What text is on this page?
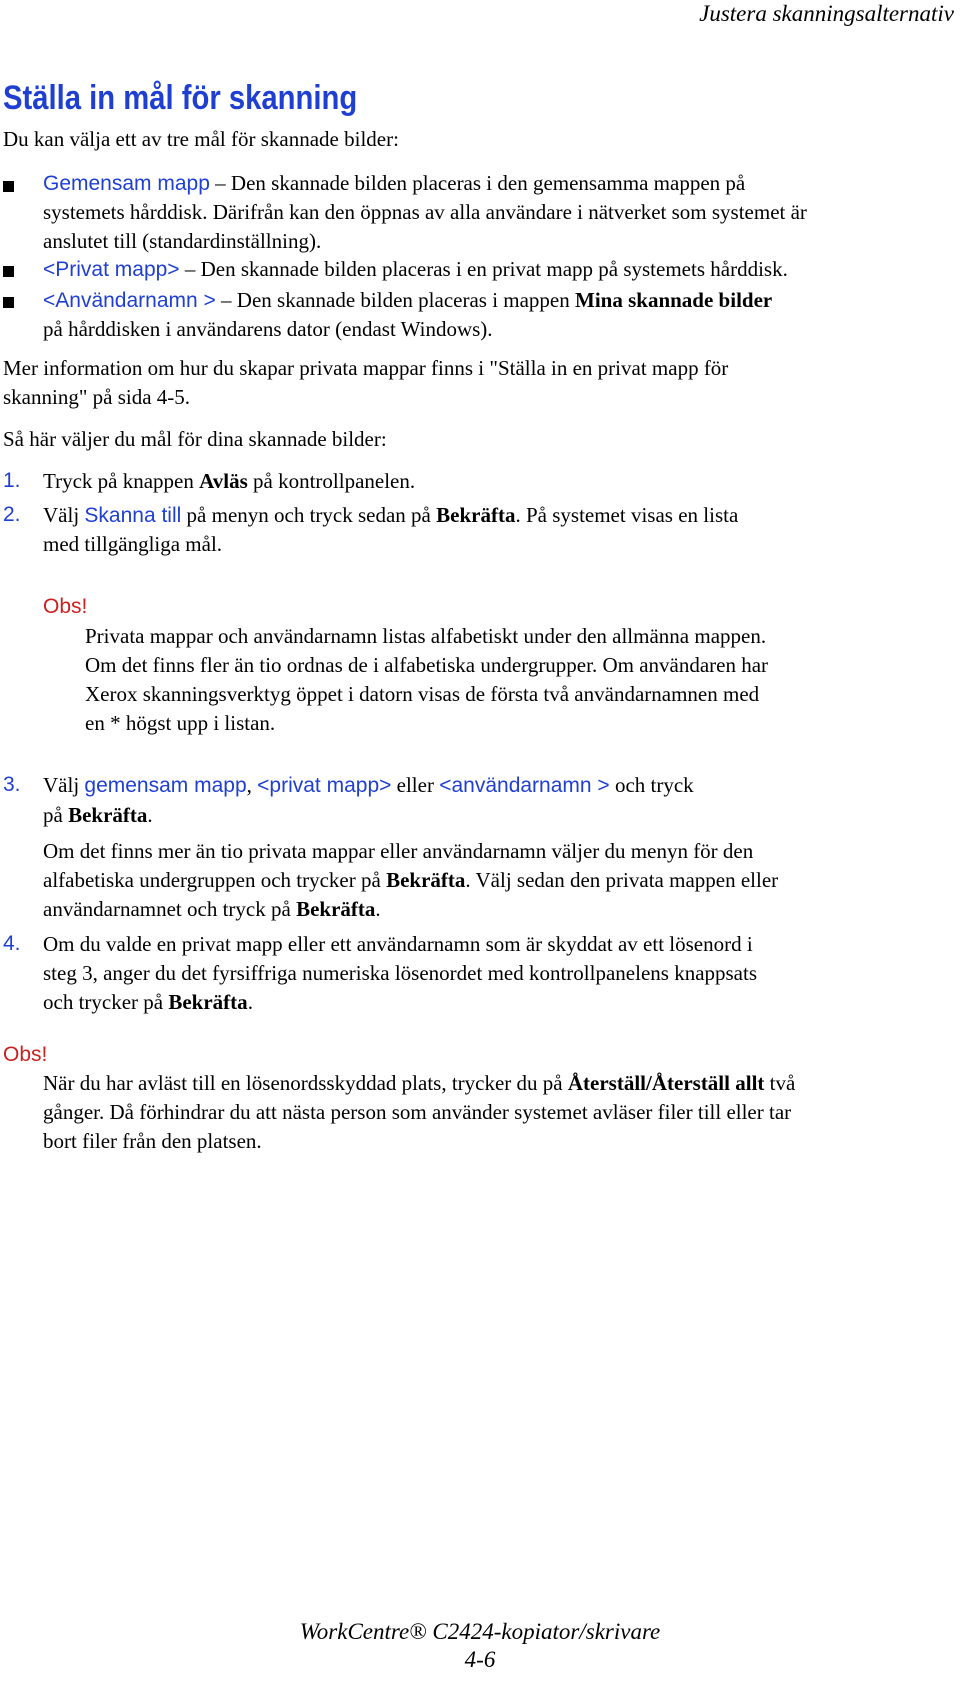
Justera skanningsalternativ
Ställa in mål för skanning
Du kan välja ett av tre mål för skannade bilder:
Gemensam mapp – Den skannade bilden placeras i den gemensamma mappen på
systemets hårddisk. Därifrån kan den öppnas av alla användare i nätverket som systemet är
anslutet till (standardinställning).
<Privat mapp> – Den skannade bilden placeras i en privat mapp på systemets hårddisk.
<Användarnamn > – Den skannade bilden placeras i mappen Mina skannade bilder
på hårddisken i användarens dator (endast Windows).
Mer information om hur du skapar privata mappar finns i "Ställa in en privat mapp för
skanning" på sida 4-5.
Så här väljer du mål för dina skannade bilder:
1. Tryck på knappen Avläs på kontrollpanelen.
2. Välj Skanna till på menyn och tryck sedan på Bekräfta. På systemet visas en lista
med tillgängliga mål.
Obs!
Privata mappar och användarnamn listas alfabetiskt under den allmänna mappen.
Om det finns fler än tio ordnas de i alfabetiska undergrupper. Om användaren har
Xerox skanningsverktyg öppet i datorn visas de första två användarnamnen med
en * högst upp i listan.
3. Välj gemensam mapp, <privat mapp> eller <användarnamn > och tryck
på Bekräfta.
Om det finns mer än tio privata mappar eller användarnamn väljer du menyn för den
alfabetiska undergruppen och trycker på Bekräfta. Välj sedan den privata mappen eller
användarnamnet och tryck på Bekräfta.
4. Om du valde en privat mapp eller ett användarnamn som är skyddat av ett lösenord i
steg 3, anger du det fyrsiffriga numeriska lösenordet med kontrollpanelens knappsats
och trycker på Bekräfta.
Obs!
När du har avläst till en lösenordsskyddad plats, trycker du på Återställ/Återställ allt två
gånger. Då förhindrar du att nästa person som använder systemet avläser filer till eller tar
bort filer från den platsen.
WorkCentre® C2424-kopiator/skrivare
4-6
